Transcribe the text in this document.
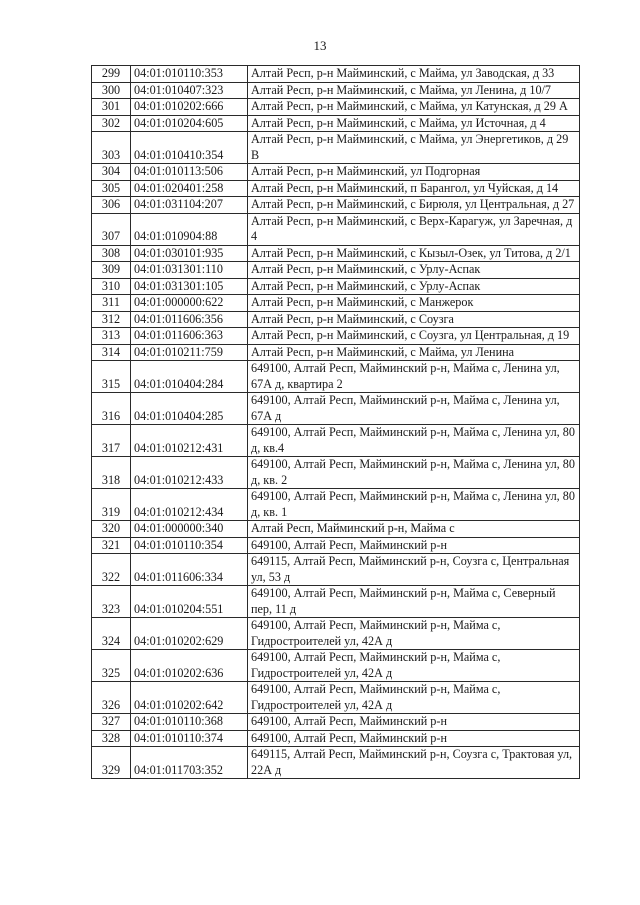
13
299	04:01:010110:353	Алтай Респ, р-н Майминский, с Майма, ул Заводская, д 33
300	04:01:010407:323	Алтай Респ, р-н Майминский, с Майма, ул Ленина, д 10/7
301	04:01:010202:666	Алтай Респ, р-н Майминский, с Майма, ул Катунская, д 29 А
302	04:01:010204:605	Алтай Респ, р-н Майминский, с Майма, ул Источная, д 4
303	04:01:010410:354	Алтай Респ, р-н Майминский, с Майма, ул Энергетиков, д 29 В
304	04:01:010113:506	Алтай Респ, р-н Майминский, ул Подгорная
305	04:01:020401:258	Алтай Респ, р-н Майминский, п Барангол, ул Чуйская, д 14
306	04:01:031104:207	Алтай Респ, р-н Майминский, с Бирюля, ул Центральная, д 27
307	04:01:010904:88	Алтай Респ, р-н Майминский, с Верх-Карагуж, ул Заречная, д 4
308	04:01:030101:935	Алтай Респ, р-н Майминский, с Кызыл-Озек, ул Титова, д 2/1
309	04:01:031301:110	Алтай Респ, р-н Майминский, с Урлу-Аспак
310	04:01:031301:105	Алтай Респ, р-н Майминский, с Урлу-Аспак
311	04:01:000000:622	Алтай Респ, р-н Майминский, с Манжерок
312	04:01:011606:356	Алтай Респ, р-н Майминский, с Соузга
313	04:01:011606:363	Алтай Респ, р-н Майминский, с Соузга, ул Центральная, д 19
314	04:01:010211:759	Алтай Респ, р-н Майминский, с Майма, ул Ленина
315	04:01:010404:284	649100, Алтай Респ, Майминский р-н, Майма с, Ленина ул, 67А д, квартира 2
316	04:01:010404:285	649100, Алтай Респ, Майминский р-н, Майма с, Ленина ул, 67А д
317	04:01:010212:431	649100, Алтай Респ, Майминский р-н, Майма с, Ленина ул, 80 д, кв.4
318	04:01:010212:433	649100, Алтай Респ, Майминский р-н, Майма с, Ленина ул, 80 д, кв. 2
319	04:01:010212:434	649100, Алтай Респ, Майминский р-н, Майма с, Ленина ул, 80 д, кв. 1
320	04:01:000000:340	Алтай Респ, Майминский р-н, Майма с
321	04:01:010110:354	649100, Алтай Респ, Майминский р-н
322	04:01:011606:334	649115, Алтай Респ, Майминский р-н, Соузга с, Центральная ул, 53 д
323	04:01:010204:551	649100, Алтай Респ, Майминский р-н, Майма с, Северный пер, 11 д
324	04:01:010202:629	649100, Алтай Респ, Майминский р-н, Майма с, Гидростроителей ул, 42А д
325	04:01:010202:636	649100, Алтай Респ, Майминский р-н, Майма с, Гидростроителей ул, 42А д
326	04:01:010202:642	649100, Алтай Респ, Майминский р-н, Майма с, Гидростроителей ул, 42А д
327	04:01:010110:368	649100, Алтай Респ, Майминский р-н
328	04:01:010110:374	649100, Алтай Респ, Майминский р-н
329	04:01:011703:352	649115, Алтай Респ, Майминский р-н, Соузга с, Трактовая ул, 22А д
